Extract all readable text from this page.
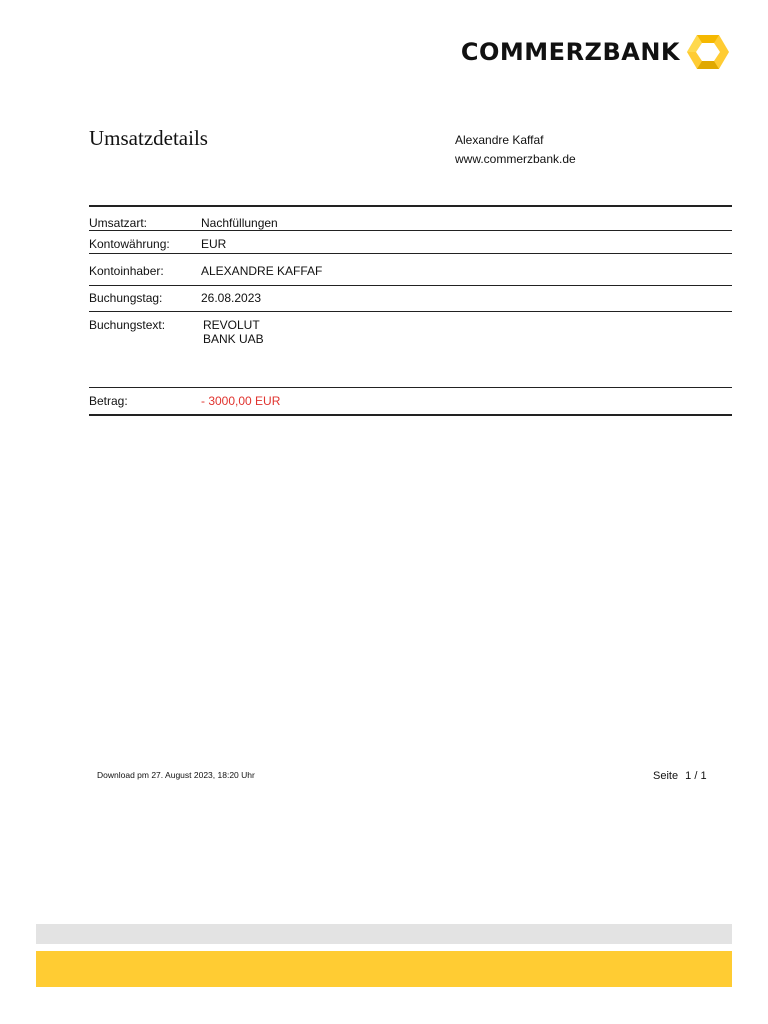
COMMERZBANK
Umsatzdetails	Alexandre Kaffaf
www.commerzbank.de
Umsatzart:	Nachfüllungen
Kontowährung:	EUR
Kontoinhaber:	ALEXANDRE KAFFAF
Buchungstag:	26.08.2023
Buchungstext:	REVOLUT
BANK UAB
Betrag:	- 3000,00 EUR
Download pm 27. August 2023, 18:20 Uhr	Seite 1 / 1
